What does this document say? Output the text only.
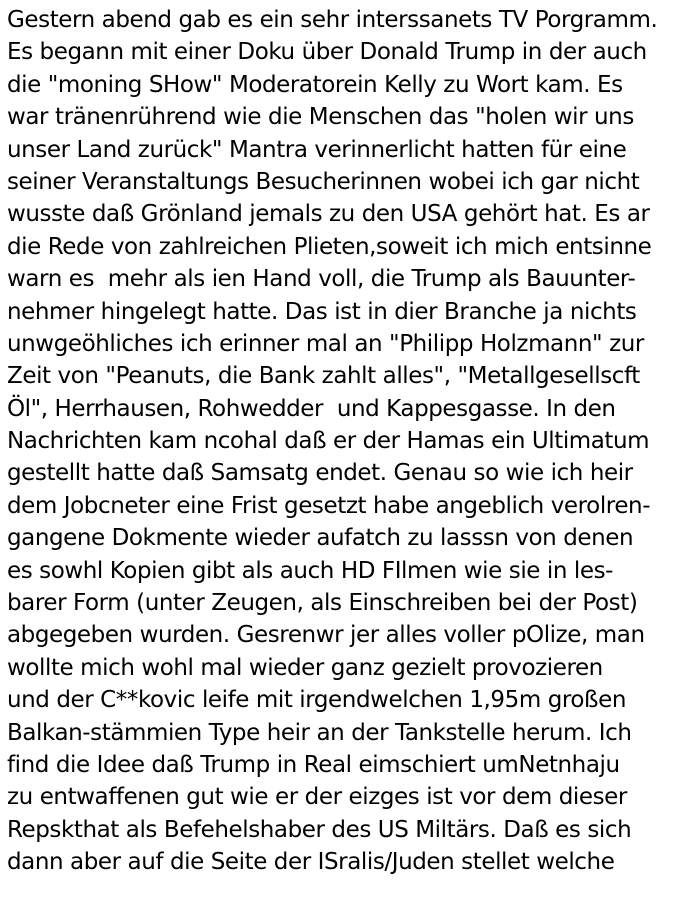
Gestern abend gab es ein sehr interssanets TV Porgramm.
Es begann mit einer Doku über Donald Trump in der auch
die "moning SHow" Moderatorein Kelly zu Wort kam. Es
war tränenrührend wie die Menschen das "holen wir uns
unser Land zurück" Mantra verinnerlicht hatten für eine
seiner Veranstaltungs Besucherinnen wobei ich gar nicht
wusste daß Grönland jemals zu den USA gehört hat. Es ar
die Rede von zahlreichen Plieten,soweit ich mich entsinne
warn es  mehr als ien Hand voll, die Trump als Bauunter-
nehmer hingelegt hatte. Das ist in dier Branche ja nichts
unwgeöhliches ich erinner mal an "Philipp Holzmann" zur
Zeit von "Peanuts, die Bank zahlt alles", "Metallgesellscft
Öl", Herrhausen, Rohwedder  und Kappesgasse. In den
Nachrichten kam ncohal daß er der Hamas ein Ultimatum
gestellt hatte daß Samsatg endet. Genau so wie ich heir
dem Jobcneter eine Frist gesetzt habe angeblich verolren-
gangene Dokmente wieder aufatch zu lasssn von denen
es sowhl Kopien gibt als auch HD FIlmen wie sie in les-
barer Form (unter Zeugen, als Einschreiben bei der Post)
abgegeben wurden. Gesrenwr jer alles voller pOlize, man
wollte mich wohl mal wieder ganz gezielt provozieren
und der C**kovic leife mit irgendwelchen 1,95m großen
Balkan-stämmien Type heir an der Tankstelle herum. Ich
find die Idee daß Trump in Real eimschiert umNetnhaju
zu entwaffenen gut wie er der eizges ist vor dem dieser
Repskthat als Befehelshaber des US Miltärs. Daß es sich
dann aber auf die Seite der ISralis/Juden stellet welche
